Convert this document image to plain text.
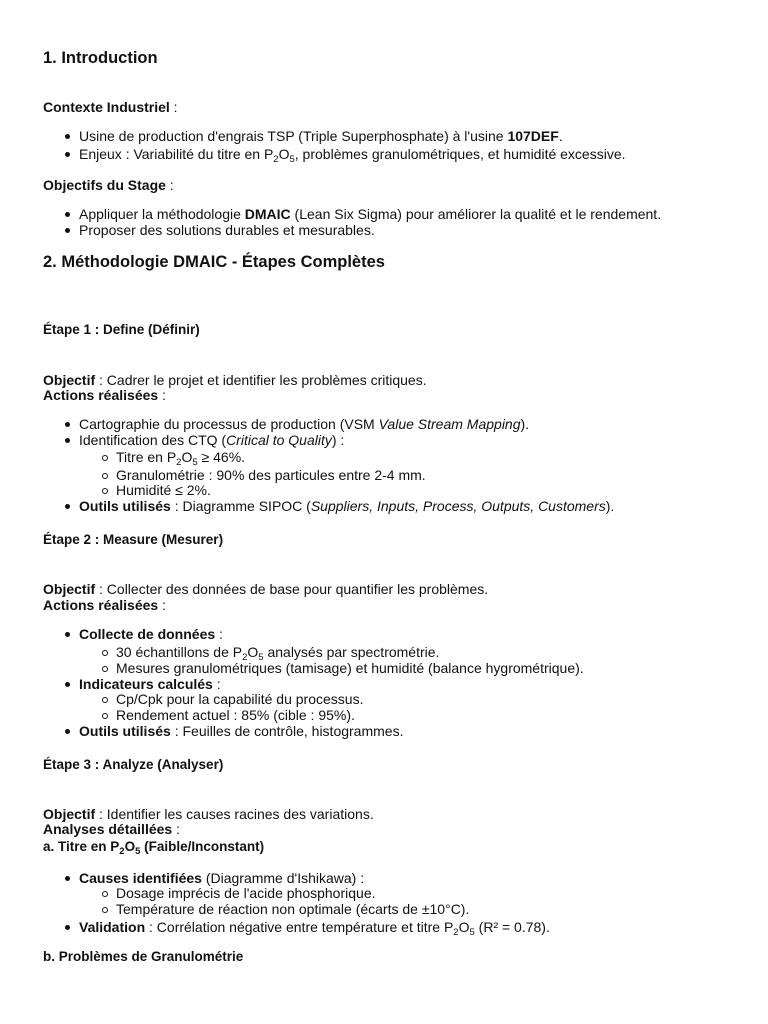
1. Introduction
Contexte Industriel :
Usine de production d'engrais TSP (Triple Superphosphate) à l'usine 107DEF.
Enjeux : Variabilité du titre en $P_2O_5$, problèmes granulométriques, et humidité excessive.
Objectifs du Stage :
Appliquer la méthodologie DMAIC (Lean Six Sigma) pour améliorer la qualité et le rendement.
Proposer des solutions durables et mesurables.
2. Méthodologie DMAIC - Étapes Complètes
Étape 1 : Define (Définir)
Objectif : Cadrer le projet et identifier les problèmes critiques.
Actions réalisées :
Cartographie du processus de production (VSM Value Stream Mapping).
Identification des CTQ (Critical to Quality) :
Titre en $P_2O_5 \ge 46\%$.
Granulométrie : 90% des particules entre 2-4 mm.
Humidité ≤ 2%.
Outils utilisés : Diagramme SIPOC (Suppliers, Inputs, Process, Outputs, Customers).
Étape 2 : Measure (Mesurer)
Objectif : Collecter des données de base pour quantifier les problèmes.
Actions réalisées :
Collecte de données :
30 échantillons de $P_2O_5$ analysés par spectrométrie.
Mesures granulométriques (tamisage) et humidité (balance hygrométrique).
Indicateurs calculés :
Cp/Cpk pour la capabilité du processus.
Rendement actuel : 85% (cible : 95%).
Outils utilisés : Feuilles de contrôle, histogrammes.
Étape 3 : Analyze (Analyser)
Objectif : Identifier les causes racines des variations.
Analyses détaillées :
a. Titre en $P_2O_5$ (Faible/Inconstant)
Causes identifiées (Diagramme d'Ishikawa) :
Dosage imprécis de l'acide phosphorique.
Température de réaction non optimale (écarts de ±10°C).
Validation : Corrélation négative entre température et titre $P_2O_5$ (R² = 0.78).
b. Problèmes de Granulométrie
